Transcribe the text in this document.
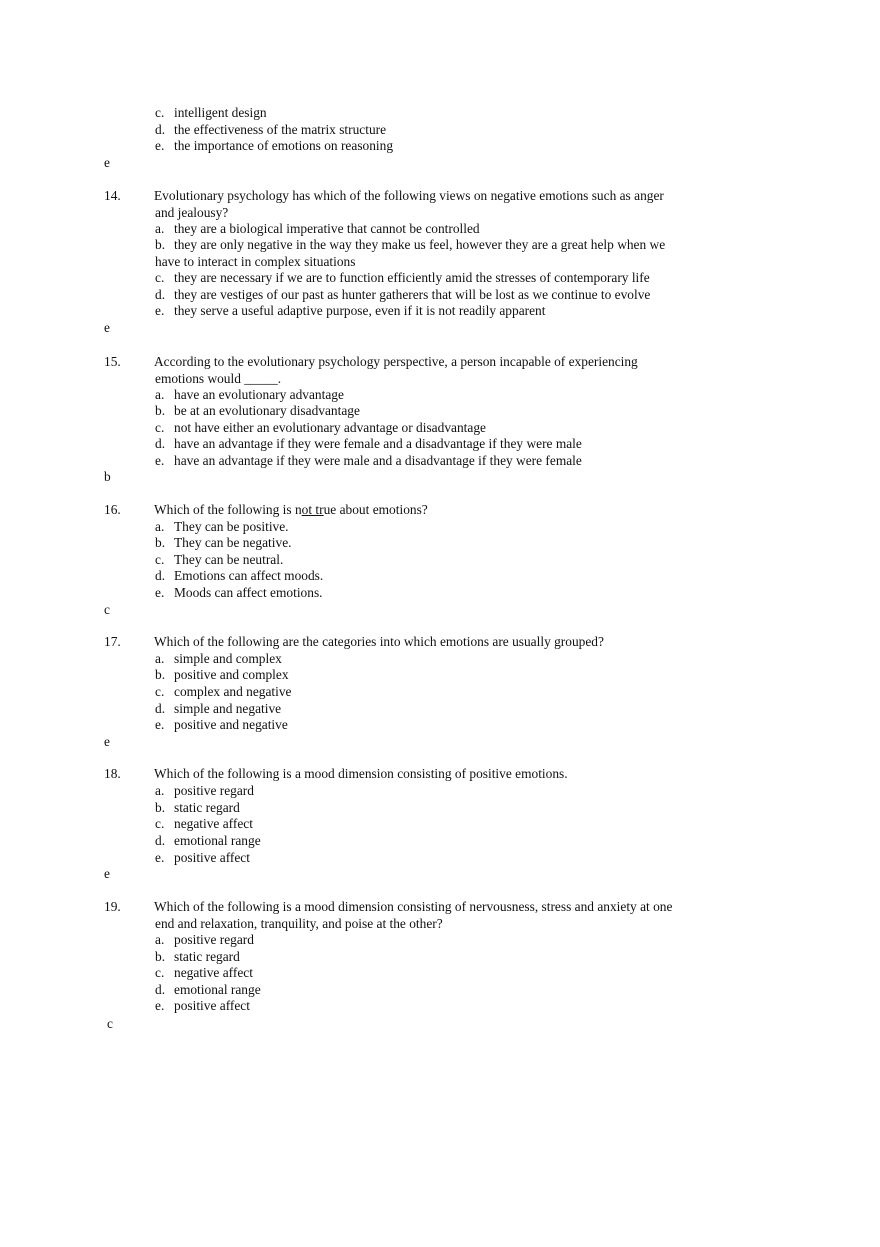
c. intelligent design
d. the effectiveness of the matrix structure
e. the importance of emotions on reasoning
e
14. Evolutionary psychology has which of the following views on negative emotions such as anger
and jealousy?
a. they are a biological imperative that cannot be controlled
b. they are only negative in the way they make us feel, however they are a great help when we
have to interact in complex situations
c. they are necessary if we are to function efficiently amid the stresses of contemporary life
d. they are vestiges of our past as hunter gatherers that will be lost as we continue to evolve
e. they serve a useful adaptive purpose, even if it is not readily apparent
e
15. According to the evolutionary psychology perspective, a person incapable of experiencing
emotions would _____.
a. have an evolutionary advantage
b. be at an evolutionary disadvantage
c. not have either an evolutionary advantage or disadvantage
d. have an advantage if they were female and a disadvantage if they were male
e. have an advantage if they were male and a disadvantage if they were female
b
16. Which of the following is not true about emotions?
a. They can be positive.
b. They can be negative.
c. They can be neutral.
d. Emotions can affect moods.
e. Moods can affect emotions.
c
17. Which of the following are the categories into which emotions are usually grouped?
a. simple and complex
b. positive and complex
c. complex and negative
d. simple and negative
e. positive and negative
e
18. Which of the following is a mood dimension consisting of positive emotions.
a. positive regard
b. static regard
c. negative affect
d. emotional range
e. positive affect
e
19. Which of the following is a mood dimension consisting of nervousness, stress and anxiety at one
end and relaxation, tranquility, and poise at the other?
a. positive regard
b. static regard
c. negative affect
d. emotional range
e. positive affect
c
